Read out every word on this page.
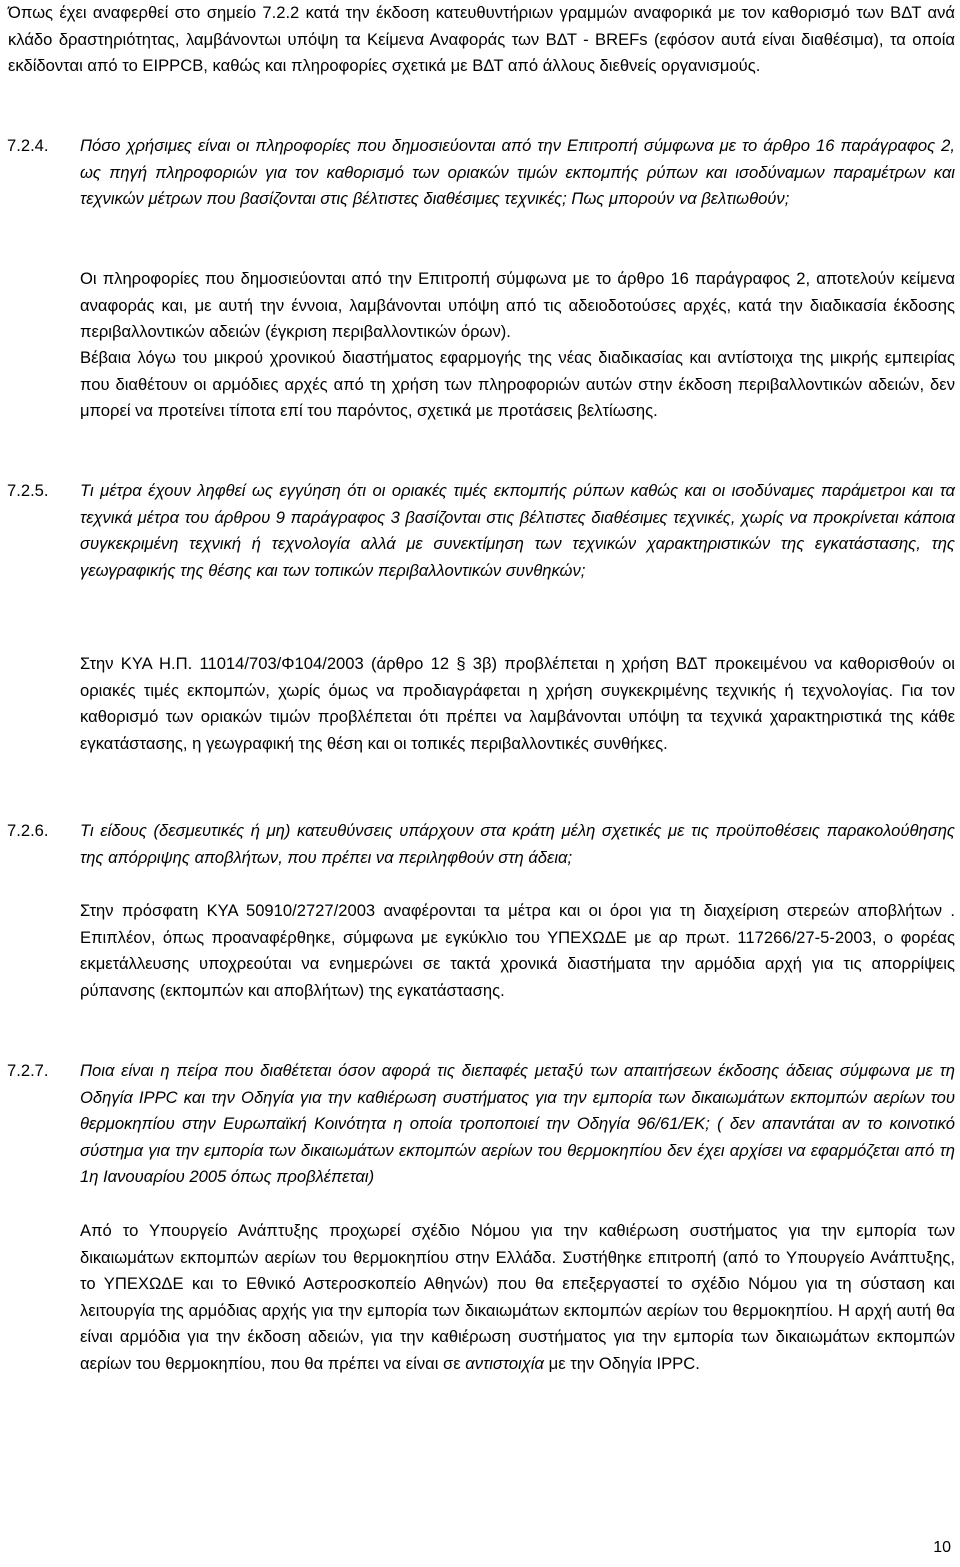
Όπως έχει αναφερθεί στο σημείο 7.2.2 κατά την έκδοση κατευθυντήριων γραμμών αναφορικά με τον καθορισμό των ΒΔΤ ανά κλάδο δραστηριότητας, λαμβάνοντωι υπόψη τα Κείμενα Αναφοράς των ΒΔΤ - BREFs (εφόσον αυτά είναι διαθέσιμα), τα οποία εκδίδονται από το EIPPCB, καθώς και πληροφορίες σχετικά με ΒΔΤ από άλλους διεθνείς οργανισμούς.

7.2.4. Πόσο χρήσιμες είναι οι πληροφορίες που δημοσιεύονται από την Επιτροπή σύμφωνα με το άρθρο 16 παράγραφος 2, ως πηγή πληροφοριών για τον καθορισμό των οριακών τιμών εκπομπής ρύπων και ισοδύναμων παραμέτρων και τεχνικών μέτρων που βασίζονται στις βέλτιστες διαθέσιμες τεχνικές; Πως μπορούν να βελτιωθούν;

Οι πληροφορίες που δημοσιεύονται από την Επιτροπή σύμφωνα με το άρθρο 16 παράγραφος 2, αποτελούν κείμενα αναφοράς και, με αυτή την έννοια, λαμβάνονται υπόψη από τις αδειοδοτούσες αρχές, κατά την διαδικασία έκδοσης περιβαλλοντικών αδειών (έγκριση περιβαλλοντικών όρων).

Βέβαια λόγω του μικρού χρονικού διαστήματος εφαρμογής της νέας διαδικασίας και αντίστοιχα της μικρής εμπειρίας που διαθέτουν οι αρμόδιες αρχές από τη χρήση των πληροφοριών αυτών στην έκδοση περιβαλλοντικών αδειών, δεν μπορεί να προτείνει τίποτα επί του παρόντος, σχετικά με προτάσεις βελτίωσης.

7.2.5. Τι μέτρα έχουν ληφθεί ως εγγύηση ότι οι οριακές τιμές εκπομπής ρύπων καθώς και οι ισοδύναμες παράμετροι και τα τεχνικά μέτρα του άρθρου 9 παράγραφος 3 βασίζονται στις βέλτιστες διαθέσιμες τεχνικές, χωρίς να προκρίνεται κάποια συγκεκριμένη τεχνική ή τεχνολογία αλλά με συνεκτίμηση των τεχνικών χαρακτηριστικών της εγκατάστασης, της γεωγραφικής της θέσης και των τοπικών περιβαλλοντικών συνθηκών;

Στην ΚΥΑ Η.Π. 11014/703/Φ104/2003 (άρθρο 12 § 3β) προβλέπεται η χρήση ΒΔΤ προκειμένου να καθορισθούν οι οριακές τιμές εκπομπών, χωρίς όμως να προδιαγράφεται η χρήση συγκεκριμένης τεχνικής ή τεχνολογίας. Για τον καθορισμό των οριακών τιμών προβλέπεται ότι πρέπει να λαμβάνονται υπόψη τα τεχνικά χαρακτηριστικά της κάθε εγκατάστασης, η γεωγραφική της θέση και οι τοπικές περιβαλλοντικές συνθήκες.

7.2.6. Τι είδους (δεσμευτικές ή μη) κατευθύνσεις υπάρχουν στα κράτη μέλη σχετικές με τις προϋποθέσεις παρακολούθησης της απόρριψης αποβλήτων, που πρέπει να περιληφθούν στη άδεια;

Στην πρόσφατη ΚΥΑ 50910/2727/2003 αναφέρονται τα μέτρα και οι όροι για τη διαχείριση στερεών αποβλήτων . Επιπλέον, όπως προαναφέρθηκε, σύμφωνα με εγκύκλιο του ΥΠΕΧΩΔΕ με αρ πρωτ. 117266/27-5-2003, ο φορέας εκμετάλλευσης υποχρεούται να ενημερώνει σε τακτά χρονικά διαστήματα την αρμόδια αρχή για τις απορρίψεις ρύπανσης (εκπομπών και αποβλήτων) της εγκατάστασης.

7.2.7. Ποια είναι η πείρα που διαθέτεται όσον αφορά τις διεπαφές μεταξύ των απαιτήσεων έκδοσης άδειας σύμφωνα με τη Οδηγία IPPC και την Οδηγία για την καθιέρωση συστήματος για την εμπορία των δικαιωμάτων εκπομπών αερίων του θερμοκηπίου στην Ευρωπαϊκή Κοινότητα η οποία τροποποιεί την Οδηγία 96/61/ΕΚ; ( δεν απαντάται αν το κοινοτικό σύστημα για την εμπορία των δικαιωμάτων εκπομπών αερίων του θερμοκηπίου δεν έχει αρχίσει να εφαρμόζεται από τη 1η Ιανουαρίου 2005 όπως προβλέπεται)

Από το Υπουργείο Ανάπτυξης προχωρεί σχέδιο Νόμου για την καθιέρωση συστήματος για την εμπορία των δικαιωμάτων εκπομπών αερίων του θερμοκηπίου στην Ελλάδα. Συστήθηκε επιτροπή (από το Υπουργείο Ανάπτυξης, το ΥΠΕΧΩΔΕ και το Εθνικό Αστεροσκοπείο Αθηνών) που θα επεξεργαστεί το σχέδιο Νόμου για τη σύσταση και λειτουργία της αρμόδιας αρχής για την εμπορία των δικαιωμάτων εκπομπών αερίων του θερμοκηπίου. Η αρχή αυτή θα είναι αρμόδια για την έκδοση αδειών, για την καθιέρωση συστήματος για την εμπορία των δικαιωμάτων εκπομπών αερίων του θερμοκηπίου, που θα πρέπει να είναι σε αντιστοιχία με την Οδηγία IPPC.

10
